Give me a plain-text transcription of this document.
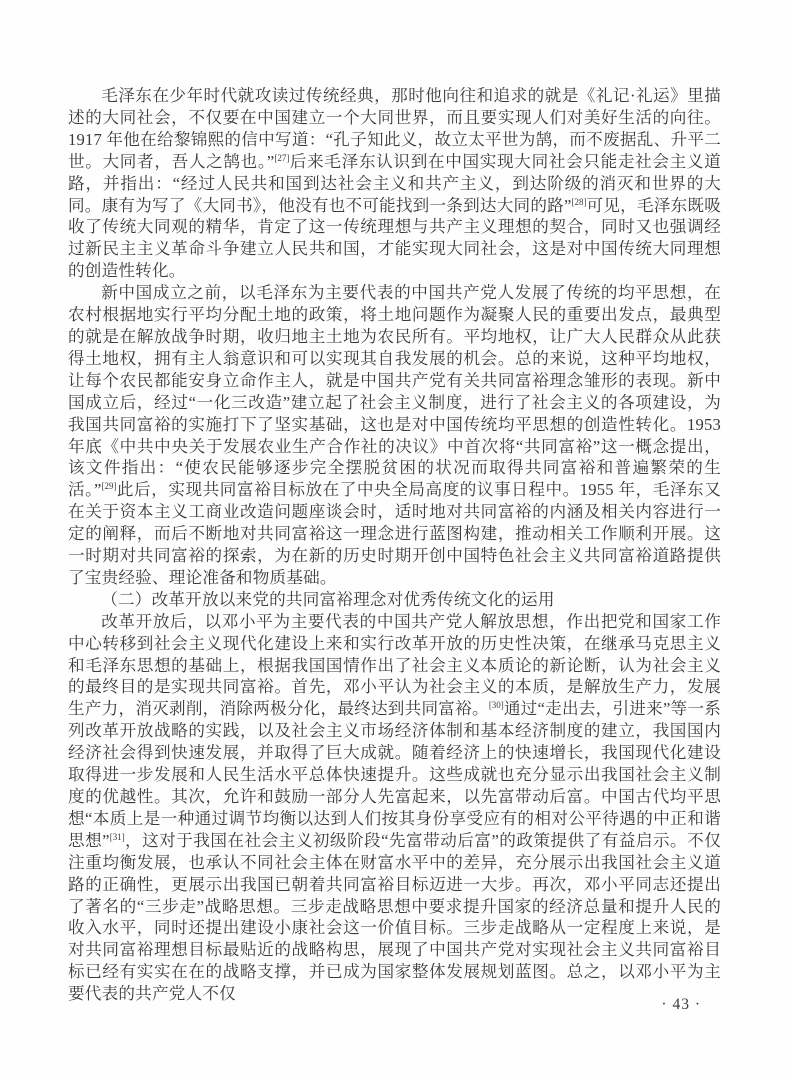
毛泽东在少年时代就攻读过传统经典，那时他向往和追求的就是《礼记·礼运》里描述的大同社会，不仅要在中国建立一个大同世界，而且要实现人们对美好生活的向往。1917 年他在给黎锦熙的信中写道：“孔子知此义，故立太平世为鹄，而不废据乱、升平二世。大同者，吾人之鹄也。”[27]后来毛泽东认识到在中国实现大同社会只能走社会主义道路，并指出：“经过人民共和国到达社会主义和共产主义，到达阶级的消灭和世界的大同。康有为写了《大同书》，他没有也不可能找到一条到达大同的路”[28]可见，毛泽东既吸收了传统大同观的精华，肯定了这一传统理想与共产主义理想的契合，同时又也强调经过新民主主义革命斗争建立人民共和国，才能实现大同社会，这是对中国传统大同理想的创造性转化。

新中国成立之前，以毛泽东为主要代表的中国共产党人发展了传统的均平思想，在农村根据地实行平均分配土地的政策，将土地问题作为凝聚人民的重要出发点，最典型的就是在解放战争时期，收归地主土地为农民所有。平均地权，让广大人民群众从此获得土地权，拥有主人翁意识和可以实现其自我发展的机会。总的来说，这种平均地权，让每个农民都能安身立命作主人，就是中国共产党有关共同富裕理念雏形的表现。新中国成立后，经过“一化三改造”建立起了社会主义制度，进行了社会主义的各项建设，为我国共同富裕的实施打下了坚实基础，这也是对中国传统均平思想的创造性转化。1953 年底《中共中央关于发展农业生产合作社的决议》中首次将“共同富裕”这一概念提出，该文件指出：“使农民能够逐步完全摆脱贫困的状况而取得共同富裕和普遍繁荣的生活。”[29]此后，实现共同富裕目标放在了中央全局高度的议事日程中。1955 年，毛泽东又在关于资本主义工商业改造问题座谈会时，适时地对共同富裕的内涵及相关内容进行一定的阐释，而后不断地对共同富裕这一理念进行蓝图构建，推动相关工作顺利开展。这一时期对共同富裕的探索，为在新的历史时期开创中国特色社会主义共同富裕道路提供了宝贵经验、理论准备和物质基础。

（二）改革开放以来党的共同富裕理念对优秀传统文化的运用

改革开放后，以邓小平为主要代表的中国共产党人解放思想，作出把党和国家工作中心转移到社会主义现代化建设上来和实行改革开放的历史性决策，在继承马克思主义和毛泽东思想的基础上，根据我国国情作出了社会主义本质论的新论断，认为社会主义的最终目的是实现共同富裕。首先，邓小平认为社会主义的本质，是解放生产力，发展生产力，消灭剥削，消除两极分化，最终达到共同富裕。[30]通过“走出去，引进来”等一系列改革开放战略的实践，以及社会主义市场经济体制和基本经济制度的建立，我国国内经济社会得到快速发展，并取得了巨大成就。随着经济上的快速增长，我国现代化建设取得进一步发展和人民生活水平总体快速提升。这些成就也充分显示出我国社会主义制度的优越性。其次，允许和鼓励一部分人先富起来，以先富带动后富。中国古代均平思想“本质上是一种通过调节均衡以达到人们按其身份享受应有的相对公平待遇的中正和谐思想”[31]，这对于我国在社会主义初级阶段“先富带动后富”的政策提供了有益启示。不仅注重均衡发展，也承认不同社会主体在财富水平中的差异，充分展示出我国社会主义道路的正确性，更展示出我国已朝着共同富裕目标迈进一大步。再次，邓小平同志还提出了著名的“三步走”战略思想。三步走战略思想中要求提升国家的经济总量和提升人民的收入水平，同时还提出建设小康社会这一价值目标。三步走战略从一定程度上来说，是对共同富裕理想目标最贴近的战略构思，展现了中国共产党对实现社会主义共同富裕目标已经有实实在在的战略支撑，并已成为国家整体发展规划蓝图。总之，以邓小平为主要代表的共产党人不仅

· 43 ·
